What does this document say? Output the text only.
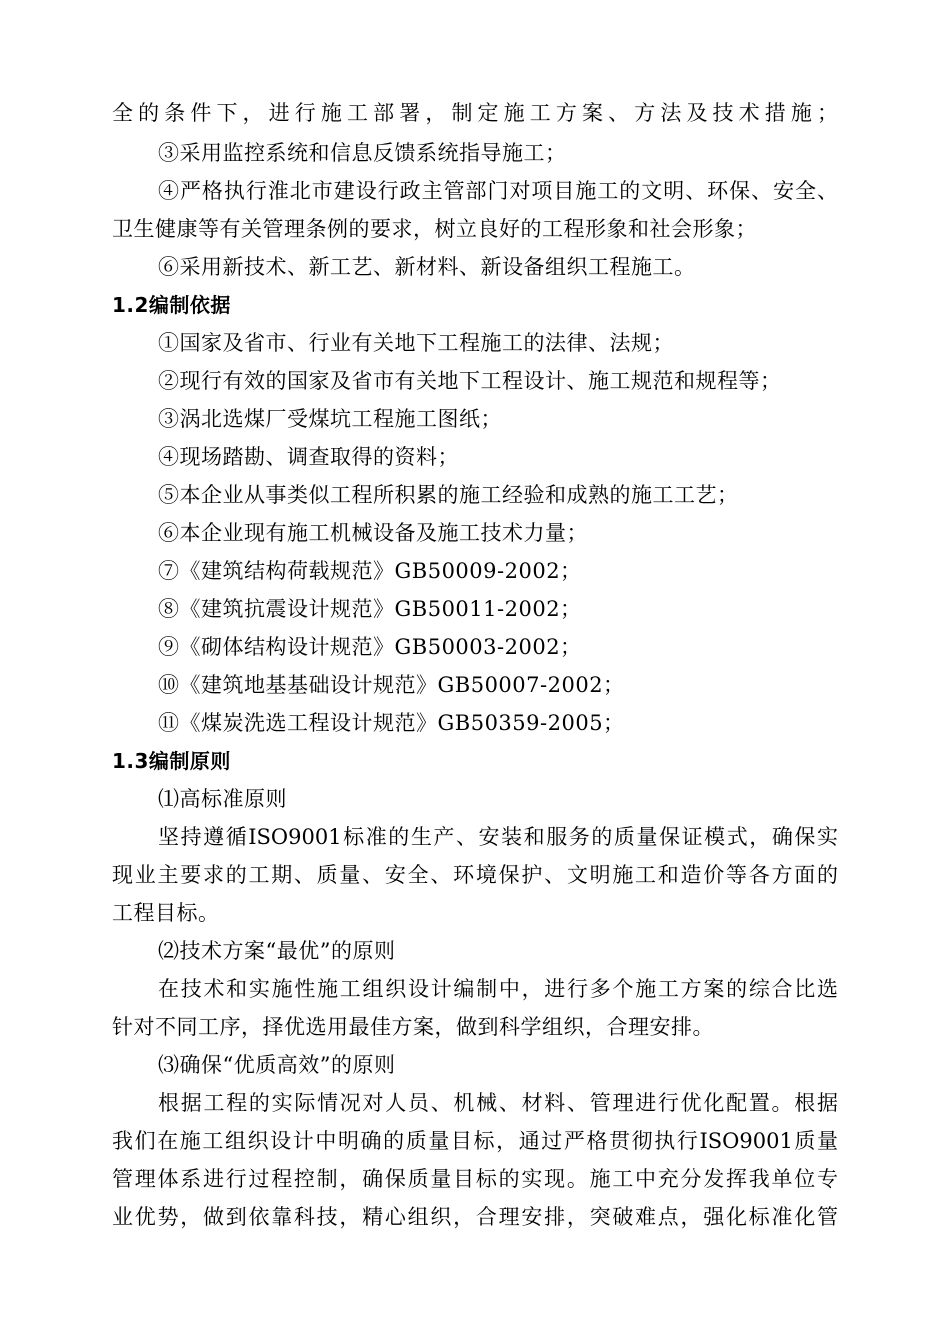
全的条件下，进行施工部署，制定施工方案、方法及技术措施；
③采用监控系统和信息反馈系统指导施工；
④严格执行淮北市建设行政主管部门对项目施工的文明、环保、安全、
卫生健康等有关管理条例的要求，树立良好的工程形象和社会形象；
⑥采用新技术、新工艺、新材料、新设备组织工程施工。
1.2编制依据
①国家及省市、行业有关地下工程施工的法律、法规；
②现行有效的国家及省市有关地下工程设计、施工规范和规程等；
③涡北选煤厂受煤坑工程施工图纸；
④现场踏勘、调查取得的资料；
⑤本企业从事类似工程所积累的施工经验和成熟的施工工艺；
⑥本企业现有施工机械设备及施工技术力量；
⑦《建筑结构荷载规范》GB50009-2002；
⑧《建筑抗震设计规范》GB50011-2002；
⑨《砌体结构设计规范》GB50003-2002；
⑩《建筑地基基础设计规范》GB50007-2002；
⑪《煤炭洗选工程设计规范》GB50359-2005；
1.3编制原则
⑴高标准原则
坚持遵循ISO9001标准的生产、安装和服务的质量保证模式，确保实
现业主要求的工期、质量、安全、环境保护、文明施工和造价等各方面的
工程目标。
⑵技术方案“最优”的原则
在技术和实施性施工组织设计编制中，进行多个施工方案的综合比选
针对不同工序，择优选用最佳方案，做到科学组织，合理安排。
⑶确保“优质高效”的原则
根据工程的实际情况对人员、机械、材料、管理进行优化配置。根据
我们在施工组织设计中明确的质量目标，通过严格贯彻执行ISO9001质量
管理体系进行过程控制，确保质量目标的实现。施工中充分发挥我单位专
业优势，做到依靠科技，精心组织，合理安排，突破难点，强化标准化管
